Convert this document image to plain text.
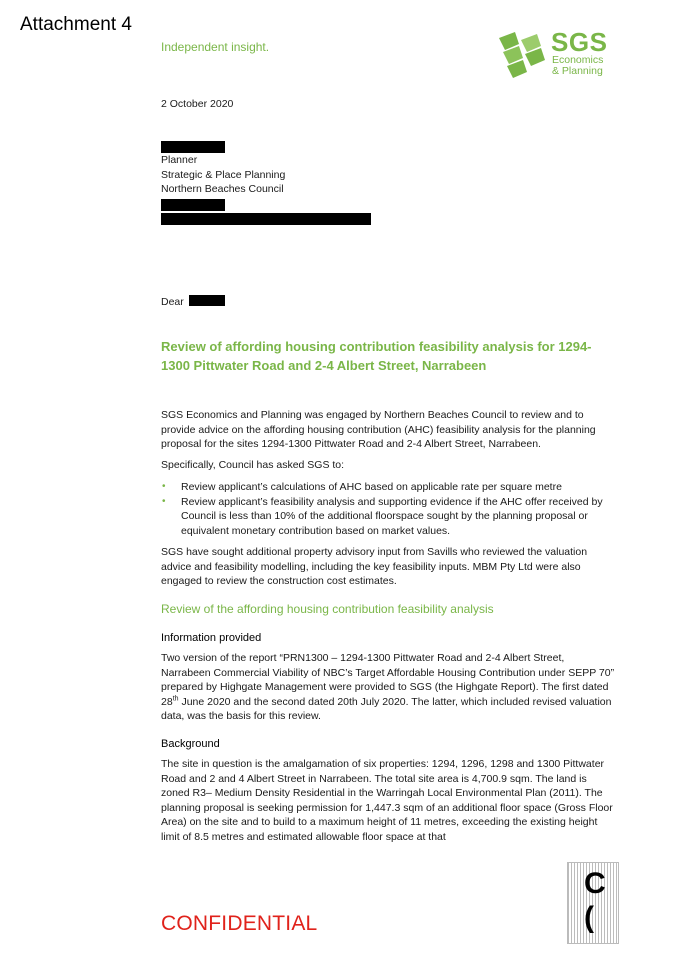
Attachment 4
Independent insight.	SGS
Economics
& Planning
2 October 2020
Planner
Strategic & Place Planning
Northern Beaches Council
Dear
Review of affording housing contribution feasibility analysis for 1294-1300 Pittwater Road and 2-4 Albert Street, Narrabeen

SGS Economics and Planning was engaged by Northern Beaches Council to review and to provide advice on the affording housing contribution (AHC) feasibility analysis for the planning proposal for the sites 1294-1300 Pittwater Road and 2-4 Albert Street, Narrabeen.

Specifically, Council has asked SGS to:

• Review applicant’s calculations of AHC based on applicable rate per square metre

• Review applicant’s feasibility analysis and supporting evidence if the AHC offer received by Council is less than 10% of the additional floorspace sought by the planning proposal or equivalent monetary contribution based on market values.

SGS have sought additional property advisory input from Savills who reviewed the valuation advice and feasibility modelling, including the key feasibility inputs. MBM Pty Ltd were also engaged to review the construction cost estimates.

Review of the affording housing contribution feasibility analysis
Information provided

Two version of the report “PRN1300 – 1294-1300 Pittwater Road and 2-4 Albert Street, Narrabeen Commercial Viability of NBC’s Target Affordable Housing Contribution under SEPP 70” prepared by Highgate Management were provided to SGS (the Highgate Report). The first dated 28th June 2020 and the second dated 20th July 2020. The latter, which included revised valuation data, was the basis for this review.

Background

The site in question is the amalgamation of six properties: 1294, 1296, 1298 and 1300 Pittwater Road and 2 and 4 Albert Street in Narrabeen. The total site area is 4,700.9 sqm. The land is zoned R3– Medium Density Residential in the Warringah Local Environmental Plan (2011). The planning proposal is seeking permission for 1,447.3 sqm of an additional floor space (Gross Floor Area) on the site and to build to a maximum height of 11 metres, exceeding the existing height limit of 8.5 metres and estimated allowable floor space at that

CONFIDENTIAL
C
(
